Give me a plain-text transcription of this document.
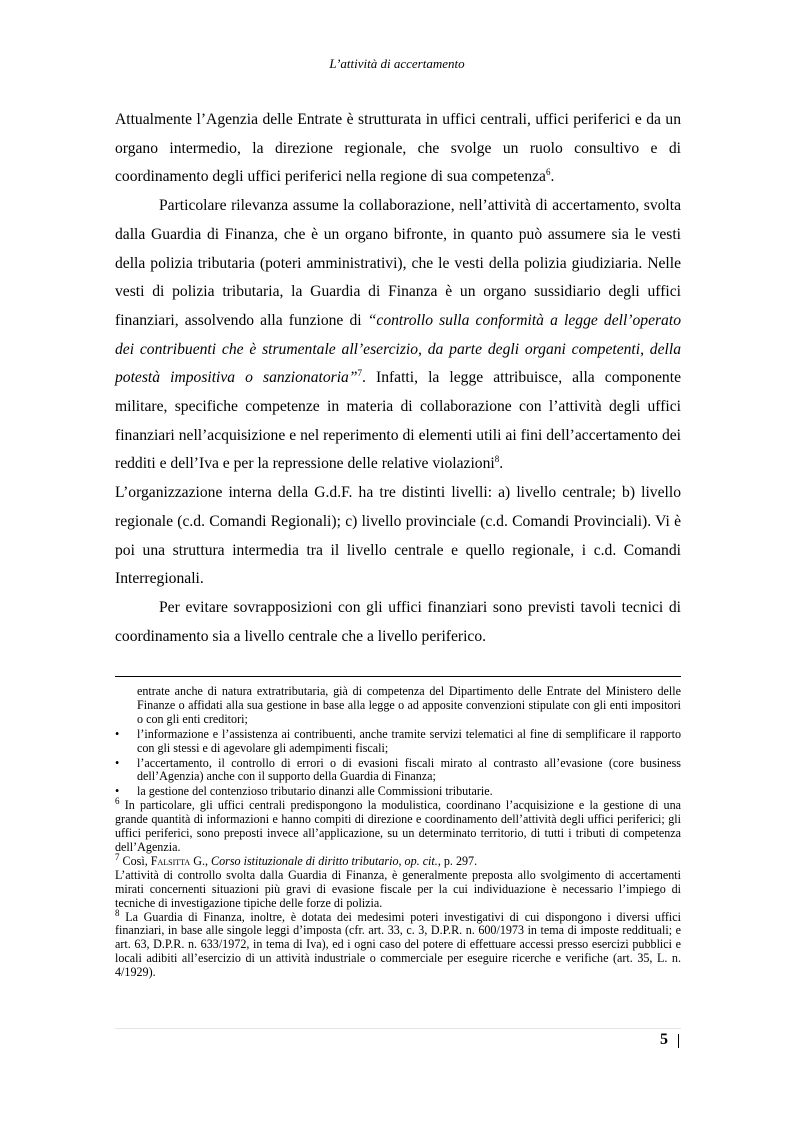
L’attività di accertamento

Attualmente l’Agenzia delle Entrate è strutturata in uffici centrali, uffici periferici e da un organo intermedio, la direzione regionale, che svolge un ruolo consultivo e di coordinamento degli uffici periferici nella regione di sua competenza$^6$.

Particolare rilevanza assume la collaborazione, nell’attività di accertamento, svolta dalla Guardia di Finanza, che è un organo bifronte, in quanto può assumere sia le vesti della polizia tributaria (poteri amministrativi), che le vesti della polizia giudiziaria. Nelle vesti di polizia tributaria, la Guardia di Finanza è un organo sussidiario degli uffici finanziari, assolvendo alla funzione di “controllo sulla conformità a legge dell’operato dei contribuenti che è strumentale all’esercizio, da parte degli organi competenti, della potestà impositiva o sanzionatoria”$^7$. Infatti, la legge attribuisce, alla componente militare, specifiche competenze in materia di collaborazione con l’attività degli uffici finanziari nell’acquisizione e nel reperimento di elementi utili ai fini dell’accertamento dei redditi e dell’Iva e per la repressione delle relative violazioni$^8$.

L’organizzazione interna della G.d.F. ha tre distinti livelli: a) livello centrale; b) livello regionale (c.d. Comandi Regionali); c) livello provinciale (c.d. Comandi Provinciali). Vi è poi una struttura intermedia tra il livello centrale e quello regionale, i c.d. Comandi Interregionali.

Per evitare sovrapposizioni con gli uffici finanziari sono previsti tavoli tecnici di coordinamento sia a livello centrale che a livello periferico.

entrate anche di natura extratributaria, già di competenza del Dipartimento delle Entrate del Ministero delle Finanze o affidati alla sua gestione in base alla legge o ad apposite convenzioni stipulate con gli enti impositori o con gli enti creditori;

•	l’informazione e l’assistenza ai contribuenti, anche tramite servizi telematici al fine di semplificare il rapporto con gli stessi e di agevolare gli adempimenti fiscali;

•	l’accertamento, il controllo di errori o di evasioni fiscali mirato al contrasto all’evasione (core business dell’Agenzia) anche con il supporto della Guardia di Finanza;

•	la gestione del contenzioso tributario dinanzi alle Commissioni tributarie.

$^6$ In particolare, gli uffici centrali predispongono la modulistica, coordinano l’acquisizione e la gestione di una grande quantità di informazioni e hanno compiti di direzione e coordinamento dell’attività degli uffici periferici; gli uffici periferici, sono preposti invece all’applicazione, su un determinato territorio, di tutti i tributi di competenza dell’Agenzia.

$^7$ Così, Falsitta G., Corso istituzionale di diritto tributario, op. cit., p. 297.

L’attività di controllo svolta dalla Guardia di Finanza, è generalmente preposta allo svolgimento di accertamenti mirati concernenti situazioni più gravi di evasione fiscale per la cui individuazione è necessario l’impiego di tecniche di investigazione tipiche delle forze di polizia.

$^8$ La Guardia di Finanza, inoltre, è dotata dei medesimi poteri investigativi di cui dispongono i diversi uffici finanziari, in base alle singole leggi d’imposta (cfr. art. 33, c. 3, D.P.R. n. 600/1973 in tema di imposte reddituali; e art. 63, D.P.R. n. 633/1972, in tema di Iva), ed i ogni caso del potere di effettuare accessi presso esercizi pubblici e locali adibiti all’esercizio di un attività industriale o commerciale per eseguire ricerche e verifiche (art. 35, L. n. 4/1929).

5
